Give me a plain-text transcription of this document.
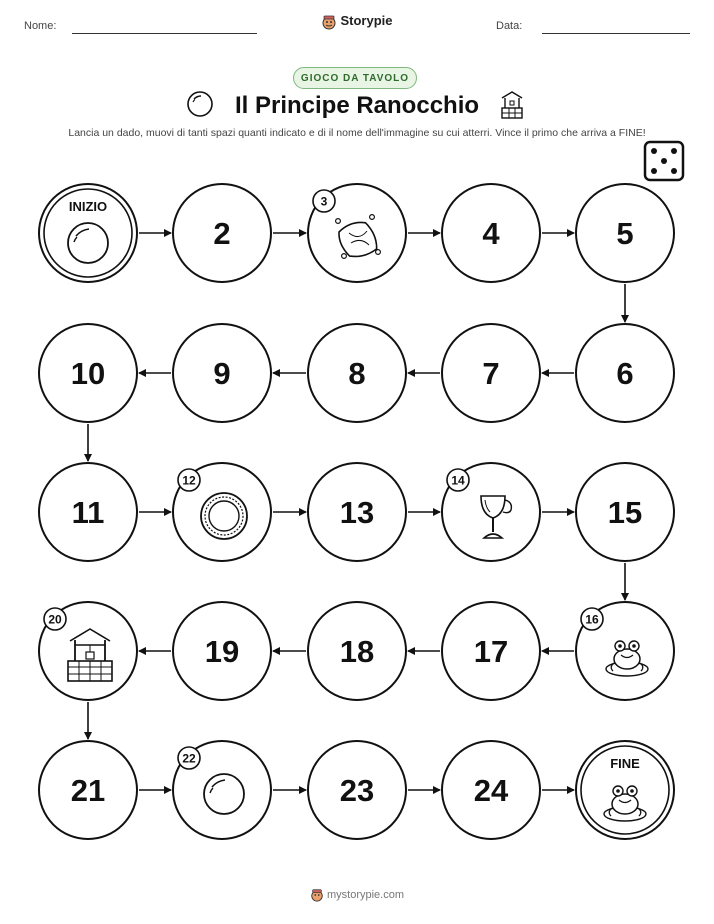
Nome:	Storypie	Data:
GIOCO DA TAVOLO
Il Principe Ranocchio
Lancia un dado, muovi di tanti spazi quanti indicato e di il nome dell'immagine su cui atterri. Vince il primo che arriva a FINE!
INIZIO
2
3
4	5
6
7
8
9
10
11
12
13
14
15
16
17
18
19
20
21
22
23	24
FINE
mystorypie.com
